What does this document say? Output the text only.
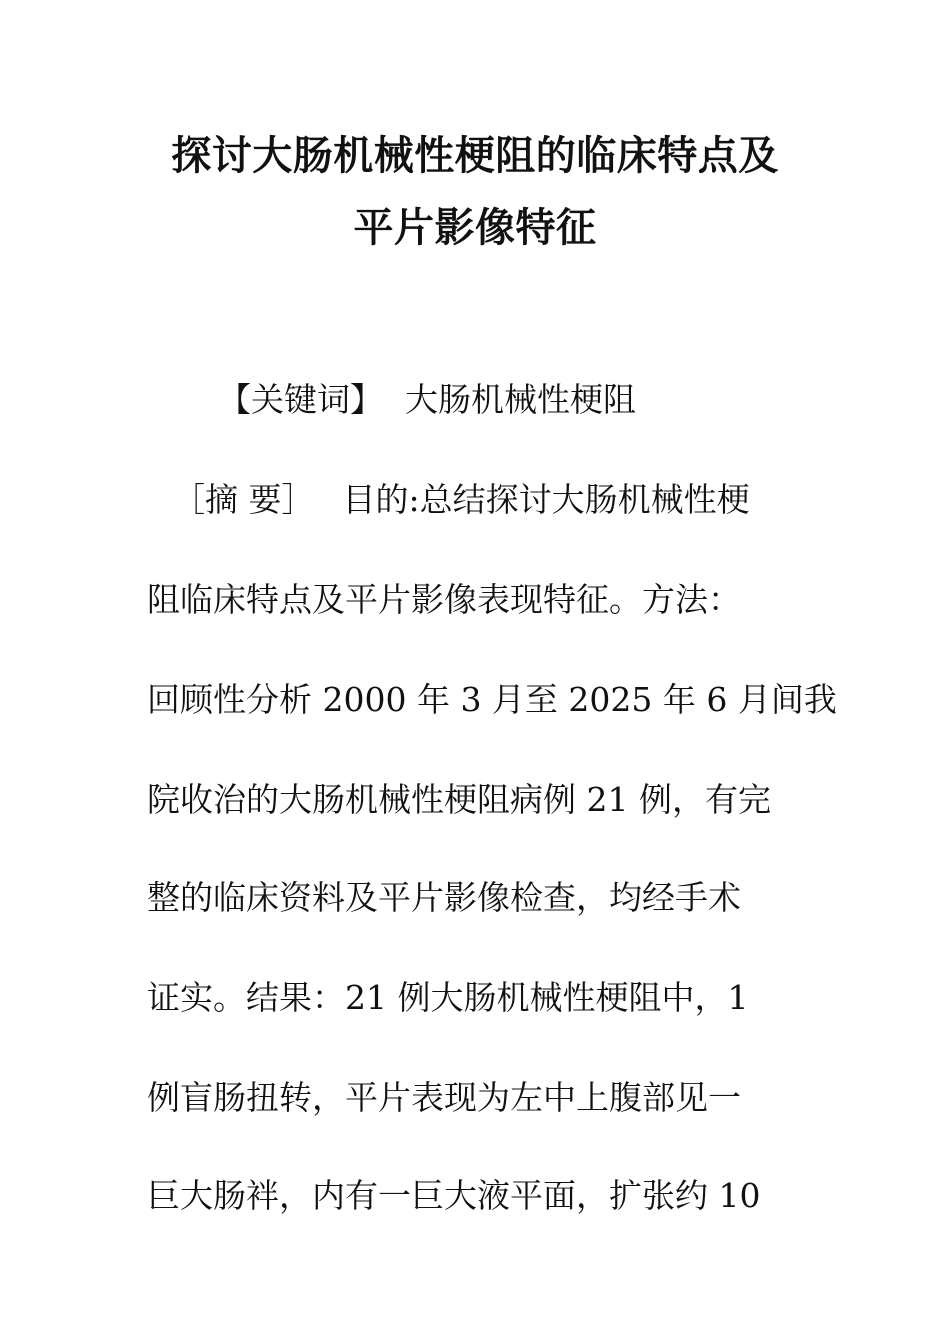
探讨大肠机械性梗阻的临床特点及
平片影像特征
【关键词】 大肠机械性梗阻
［摘 要］ 目的:总结探讨大肠机械性梗
阻临床特点及平片影像表现特征。方法：
回顾性分析 2000 年 3 月至 2025 年 6 月间我
院收治的大肠机械性梗阻病例 21 例，有完
整的临床资料及平片影像检查，均经手术
证实。结果：21 例大肠机械性梗阻中，1
例盲肠扭转，平片表现为左中上腹部见一
巨大肠袢，内有一巨大液平面，扩张约 10
